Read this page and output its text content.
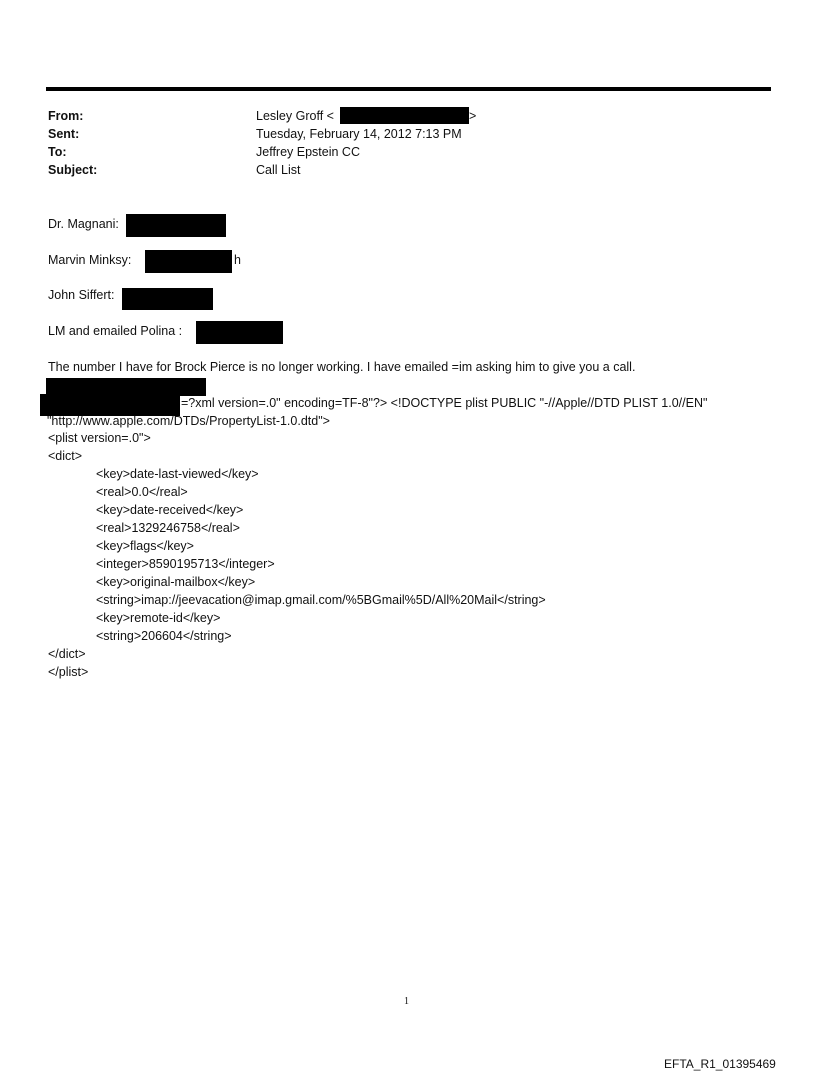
From:	Lesley Groff <	>
Sent:	Tuesday, February 14, 2012 7:13 PM
To:	Jeffrey Epstein CC
Subject:	Call List
Dr. Magnani:
Marvin Minksy:	h
John Siffert:
LM and emailed Polina :
The number I have for Brock Pierce is no longer working. I have emailed =im asking him to give you a call.
=?xml version=.0" encoding=TF-8"?> <!DOCTYPE plist PUBLIC "-//Apple//DTD PLIST 1.0//EN"
"http://www.apple.com/DTDs/PropertyList-1.0.dtd">
<plist version=.0">
<dict>
<key>date-last-viewed</key>
<real>0.0</real>
<key>date-received</key>
<real>1329246758</real>
<key>flags</key>
<integer>8590195713</integer>
<key>original-mailbox</key>
<string>imap://jeevacation@imap.gmail.com/%5BGmail%5D/All%20Mail</string>
<key>remote-id</key>
<string>206604</string>
</dict>
</plist>
1
EFTA_R1_01395469
